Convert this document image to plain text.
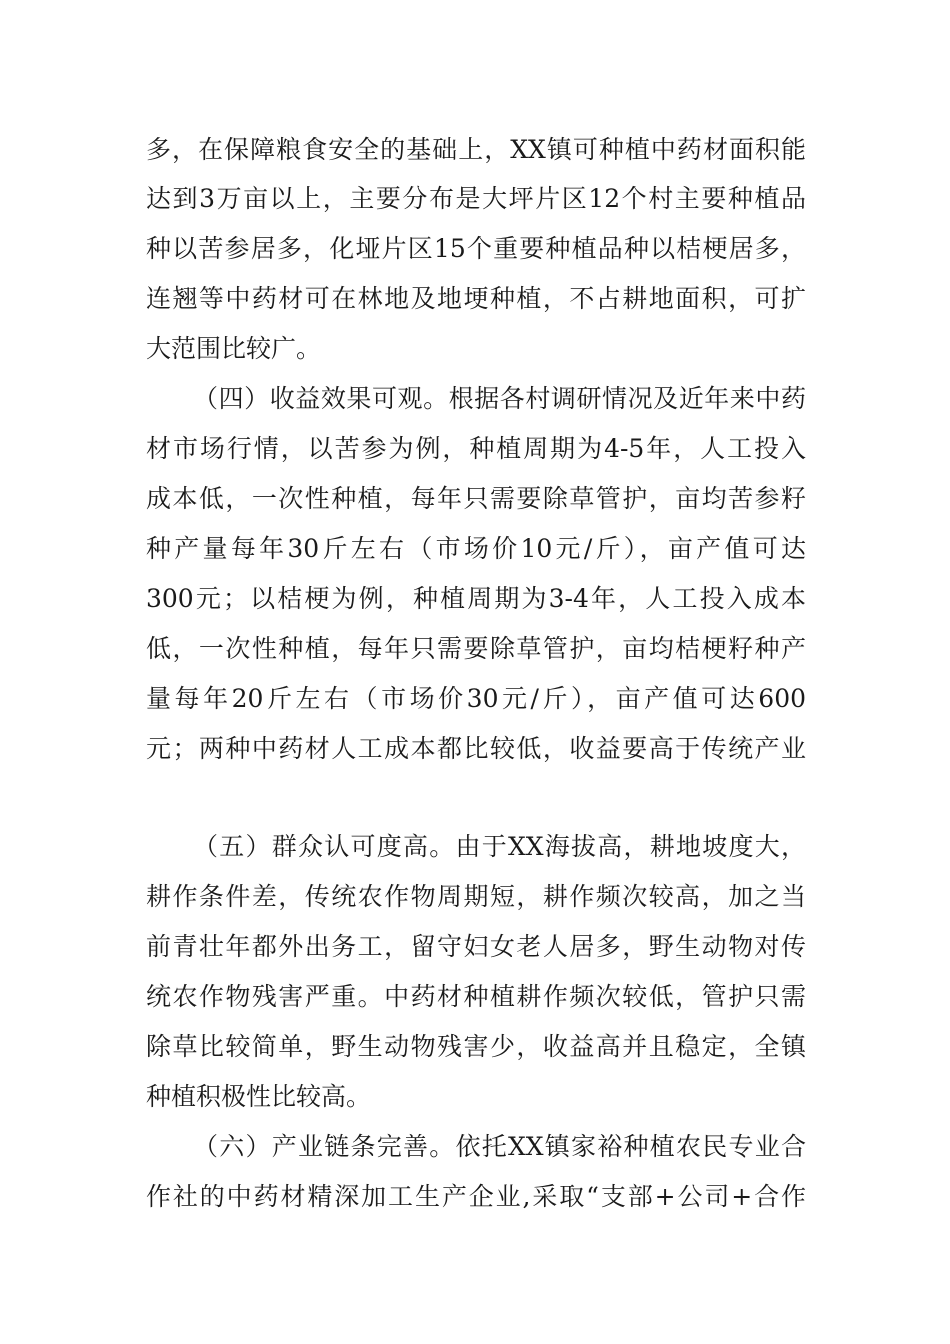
多，在保障粮食安全的基础上，XX镇可种植中药材面积能
达到3万亩以上，主要分布是大坪片区12个村主要种植品
种以苦参居多，化垭片区15个重要种植品种以桔梗居多，
连翘等中药材可在林地及地埂种植，不占耕地面积，可扩
大范围比较广。
（四）收益效果可观。根据各村调研情况及近年来中药
材市场行情，以苦参为例，种植周期为4-5年，人工投入
成本低，一次性种植，每年只需要除草管护，亩均苦参籽
种产量每年30斤左右（市场价10元/斤），亩产值可达
300元；以桔梗为例，种植周期为3-4年，人工投入成本
低，一次性种植，每年只需要除草管护，亩均桔梗籽种产
量每年20斤左右（市场价30元/斤），亩产值可达600
元；两种中药材人工成本都比较低，收益要高于传统产业
（五）群众认可度高。由于XX海拔高，耕地坡度大，
耕作条件差，传统农作物周期短，耕作频次较高，加之当
前青壮年都外出务工，留守妇女老人居多，野生动物对传
统农作物残害严重。中药材种植耕作频次较低，管护只需
除草比较简单，野生动物残害少，收益高并且稳定，全镇
种植积极性比较高。
（六）产业链条完善。依托XX镇家裕种植农民专业合
作社的中药材精深加工生产企业,采取“支部+公司+合作
